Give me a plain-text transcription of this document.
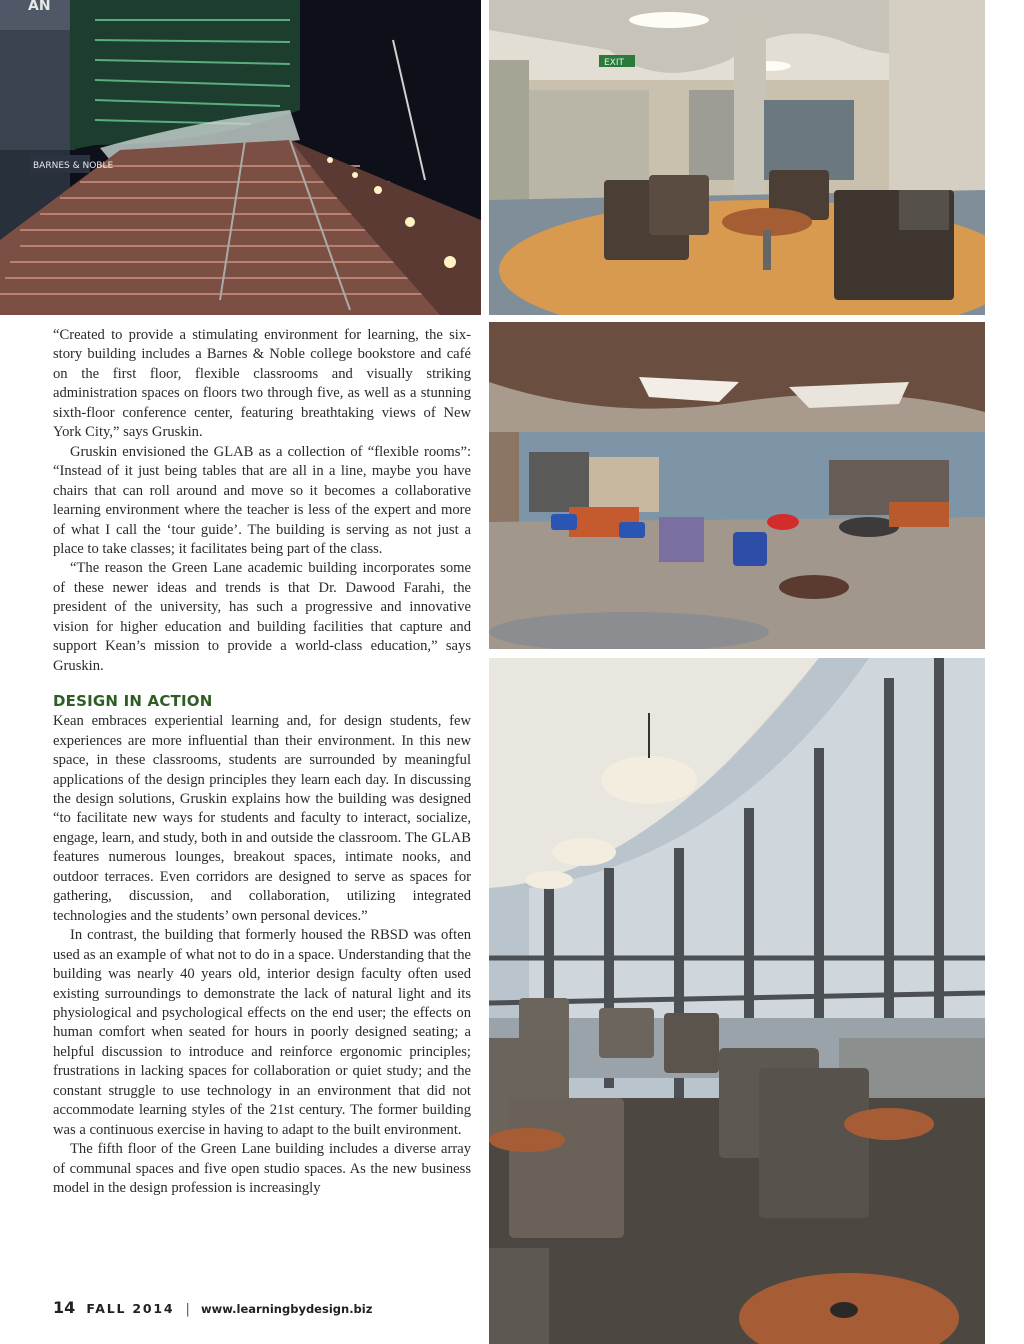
AN
BARNES & NOBLE
EXIT

“Created to provide a stimulating environment for learning, the six-story building includes a Barnes & Noble college bookstore and café on the first floor, flexible classrooms and visually striking administration spaces on floors two through five, as well as a stunning sixth-floor conference center, featuring breathtaking views of New York City,” says Gruskin.

Gruskin envisioned the GLAB as a collection of “flexible rooms”: “Instead of it just being tables that are all in a line, maybe you have chairs that can roll around and move so it becomes a collaborative learning environment where the teacher is less of the expert and more of what I call the ‘tour guide’. The building is serving as not just a place to take classes; it facilitates being part of the class.

“The reason the Green Lane academic building incorporates some of these newer ideas and trends is that Dr. Dawood Farahi, the president of the university, has such a progressive and innovative vision for higher education and building facilities that capture and support Kean’s mission to provide a world-class education,” says Gruskin.

DESIGN IN ACTION

Kean embraces experiential learning and, for design students, few experiences are more influential than their environment. In this new space, in these classrooms, students are surrounded by meaningful applications of the design principles they learn each day. In discussing the design solutions, Gruskin explains how the building was designed “to facilitate new ways for students and faculty to interact, socialize, engage, learn, and study, both in and outside the classroom. The GLAB features numerous lounges, breakout spaces, intimate nooks, and outdoor terraces. Even corridors are designed to serve as spaces for gathering, discussion, and collaboration, utilizing integrated technologies and the students’ own personal devices.”

In contrast, the building that formerly housed the RBSD was often used as an example of what not to do in a space. Understanding that the building was nearly 40 years old, interior design faculty often used existing surroundings to demonstrate the lack of natural light and its physiological and psychological effects on the end user; the effects on human comfort when seated for hours in poorly designed seating; a helpful discussion to introduce and reinforce ergonomic principles; frustrations in lacking spaces for collaboration or quiet study; and the constant struggle to use technology in an environment that did not accommodate learning styles of the 21st century. The former building was a continuous exercise in having to adapt to the built environment.

The fifth floor of the Green Lane building includes a diverse array of communal spaces and five open studio spaces. As the new business model in the design profession is increasingly

14 FALL 2014 | www.learningbydesign.biz
